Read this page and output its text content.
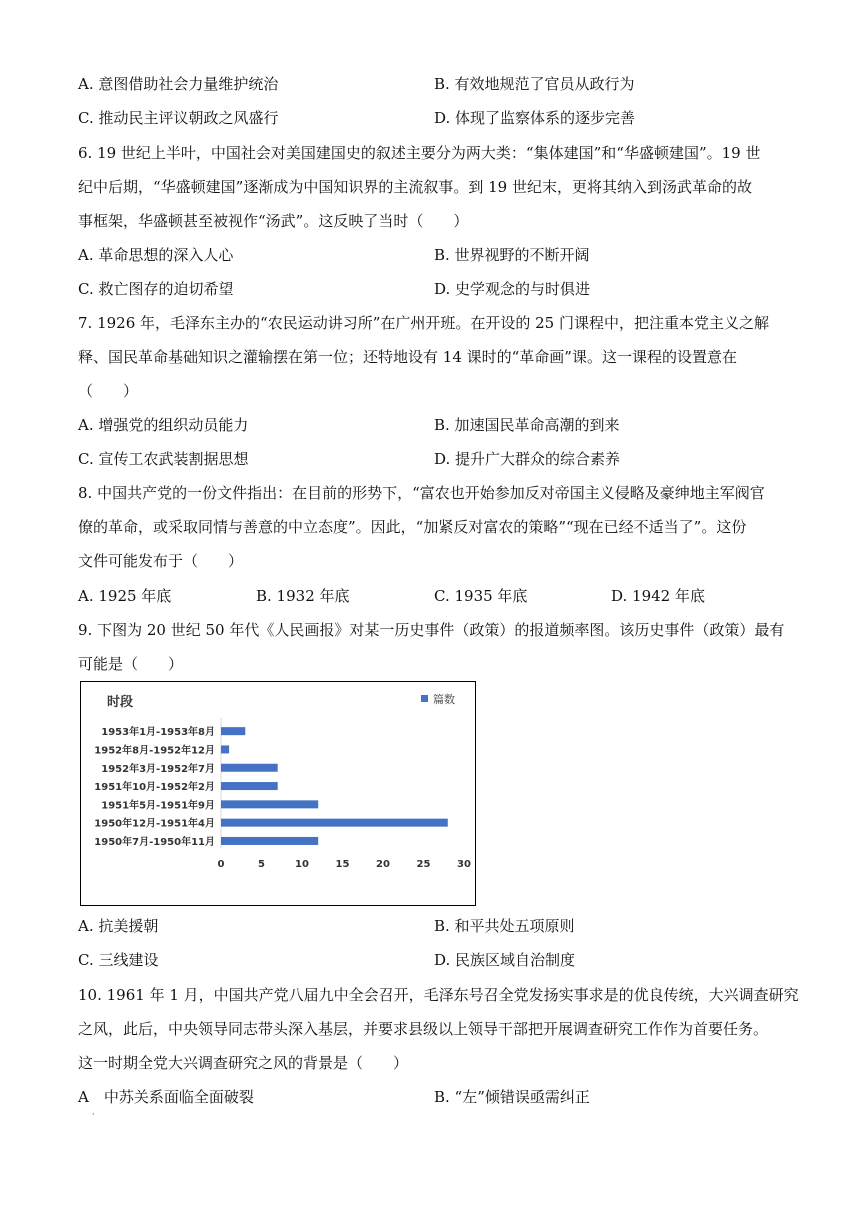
A. 意图借助社会力量维护统治	B. 有效地规范了官员从政行为
C. 推动民主评议朝政之风盛行	D. 体现了监察体系的逐步完善
6. 19 世纪上半叶，中国社会对美国建国史的叙述主要分为两大类：“集体建国”和“华盛顿建国”。19 世
纪中后期，“华盛顿建国”逐渐成为中国知识界的主流叙事。到 19 世纪末，更将其纳入到汤武革命的故
事框架，华盛顿甚至被视作“汤武”。这反映了当时（　　）
A. 革命思想的深入人心	B. 世界视野的不断开阔
C. 救亡图存的迫切希望	D. 史学观念的与时俱进
7. 1926 年，毛泽东主办的“农民运动讲习所”在广州开班。在开设的 25 门课程中，把注重本党主义之解
释、国民革命基础知识之灌输摆在第一位；还特地设有 14 课时的“革命画”课。这一课程的设置意在
（　　）
A. 增强党的组织动员能力	B. 加速国民革命高潮的到来
C. 宣传工农武装割据思想	D. 提升广大群众的综合素养
8. 中国共产党的一份文件指出：在目前的形势下，“富农也开始参加反对帝国主义侵略及豪绅地主军阀官
僚的革命，或采取同情与善意的中立态度”。因此，“加紧反对富农的策略”“现在已经不适当了”。这份
文件可能发布于（　　）
A. 1925 年底	B. 1932 年底	C. 1935 年底	D. 1942 年底
9. 下图为 20 世纪 50 年代《人民画报》对某一历史事件（政策）的报道频率图。该历史事件（政策）最有
可能是（　　）
时段	篇数
1953年1月-1953年8月
1952年8月-1952年12月
1952年3月-1952年7月
1951年10月-1952年2月
1951年5月-1951年9月
1950年12月-1951年4月
1950年7月-1950年11月
0	5	10	15	20	25	30
A. 抗美援朝	B. 和平共处五项原则
C. 三线建设	D. 民族区域自治制度
10. 1961 年 1 月，中国共产党八届九中全会召开，毛泽东号召全党发扬实事求是的优良传统，大兴调查研究
之风，此后，中央领导同志带头深入基层，并要求县级以上领导干部把开展调查研究工作作为首要任务。
这一时期全党大兴调查研究之风的背景是（　　）
A　中苏关系面临全面破裂	B. “左”倾错误亟需纠正
·
